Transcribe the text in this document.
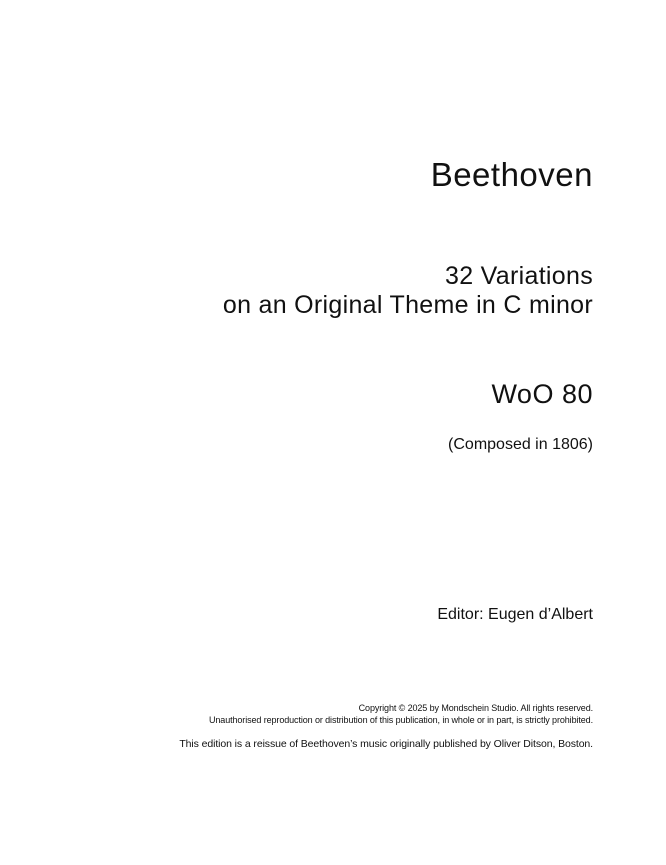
Beethoven
32 Variations
on an Original Theme in C minor
WoO 80
(Composed in 1806)
Editor: Eugen d’Albert
Copyright © 2025 by Mondschein Studio. All rights reserved.
Unauthorised reproduction or distribution of this publication, in whole or in part, is strictly prohibited.
This edition is a reissue of Beethoven’s music originally published by Oliver Ditson, Boston.
